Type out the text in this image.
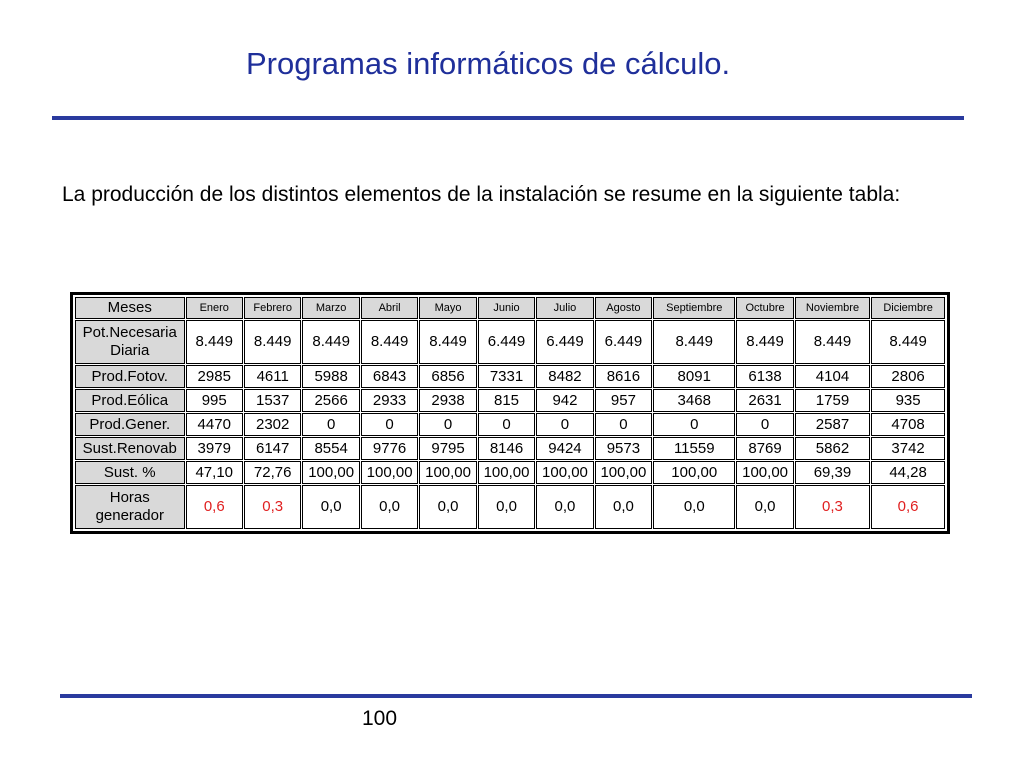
Programas informáticos de cálculo.
La producción de los distintos elementos de la instalación se resume en la siguiente tabla:
Meses	Enero	Febrero	Marzo	Abril	Mayo	Junio	Julio	Agosto	Septiembre	Octubre	Noviembre	Diciembre
Pot.Necesaria Diaria	8.449	8.449	8.449	8.449	8.449	6.449	6.449	6.449	8.449	8.449	8.449	8.449
Prod.Fotov.	2985	4611	5988	6843	6856	7331	8482	8616	8091	6138	4104	2806
Prod.Eólica	995	1537	2566	2933	2938	815	942	957	3468	2631	1759	935
Prod.Gener.	4470	2302	0	0	0	0	0	0	0	0	2587	4708
Sust.Renovab	3979	6147	8554	9776	9795	8146	9424	9573	11559	8769	5862	3742
Sust. %	47,10	72,76	100,00	100,00	100,00	100,00	100,00	100,00	100,00	100,00	69,39	44,28
Horas generador	0,6	0,3	0,0	0,0	0,0	0,0	0,0	0,0	0,0	0,0	0,3	0,6
100
